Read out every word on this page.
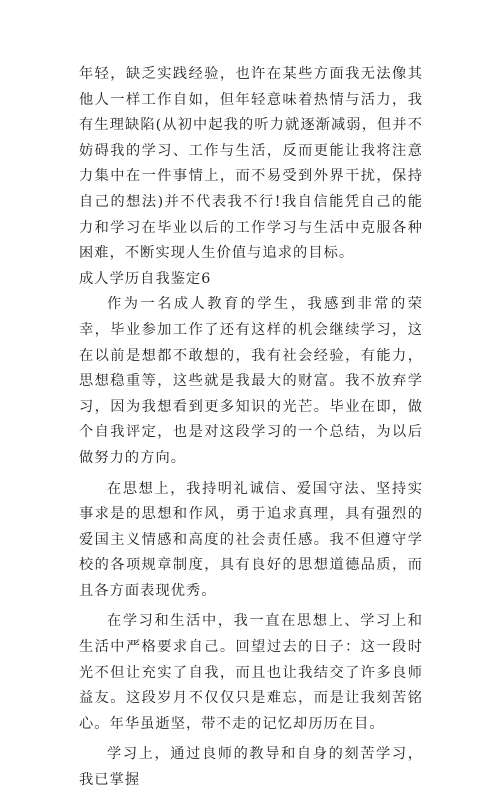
年轻，缺乏实践经验，也许在某些方面我无法像其他人一样工作自如，但年轻意味着热情与活力，我有生理缺陷(从初中起我的听力就逐渐减弱，但并不妨碍我的学习、工作与生活，反而更能让我将注意力集中在一件事情上，而不易受到外界干扰，保持自己的想法)并不代表我不行!我自信能凭自己的能力和学习在毕业以后的工作学习与生活中克服各种困难，不断实现人生价值与追求的目标。

成人学历自我鉴定6

作为一名成人教育的学生，我感到非常的荣幸，毕业参加工作了还有这样的机会继续学习，这在以前是想都不敢想的，我有社会经验，有能力，思想稳重等，这些就是我最大的财富。我不放弃学习，因为我想看到更多知识的光芒。毕业在即，做个自我评定，也是对这段学习的一个总结，为以后做努力的方向。

在思想上，我持明礼诚信、爱国守法、坚持实事求是的思想和作风，勇于追求真理，具有强烈的爱国主义情感和高度的社会责任感。我不但遵守学校的各项规章制度，具有良好的思想道德品质，而且各方面表现优秀。

在学习和生活中，我一直在思想上、学习上和生活中严格要求自己。回望过去的日子：这一段时光不但让充实了自我，而且也让我结交了许多良师益友。这段岁月不仅仅只是难忘，而是让我刻苦铭心。年华虽逝坚，带不走的记忆却历历在目。

学习上，通过良师的教导和自身的刻苦学习，我已掌握
